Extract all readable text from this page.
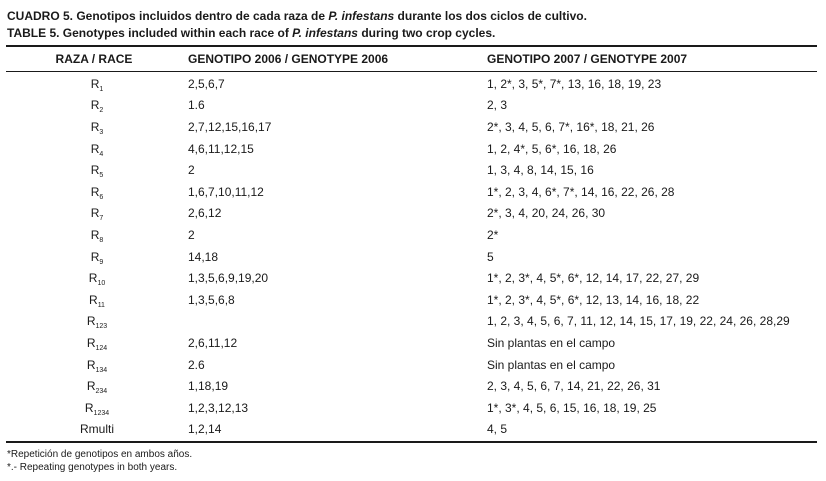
CUADRO 5. Genotipos incluidos dentro de cada raza de P. infestans durante los dos ciclos de cultivo.
TABLE 5. Genotypes included within each race of P. infestans during two crop cycles.
RAZA / RACE	GENOTIPO 2006 / GENOTYPE 2006	GENOTIPO 2007 / GENOTYPE 2007
$R_1$	2,5,6,7	1, 2*, 3, 5*, 7*, 13, 16, 18, 19, 23
$R_2$	1.6	2, 3
$R_3$	2,7,12,15,16,17	2*, 3, 4, 5, 6, 7*, 16*, 18, 21, 26
$R_4$	4,6,11,12,15	1, 2, 4*, 5, 6*, 16, 18, 26
$R_5$	2	1, 3, 4, 8, 14, 15, 16
$R_6$	1,6,7,10,11,12	1*, 2, 3, 4, 6*, 7*, 14, 16, 22, 26, 28
$R_7$	2,6,12	2*, 3, 4, 20, 24, 26, 30
$R_8$	2	2*
$R_9$	14,18	5
$R_{10}$	1,3,5,6,9,19,20	1*, 2, 3*, 4, 5*, 6*, 12, 14, 17, 22, 27, 29
$R_{11}$	1,3,5,6,8	1*, 2, 3*, 4, 5*, 6*, 12, 13, 14, 16, 18, 22
$R_{123}$		1, 2, 3, 4, 5, 6, 7, 11, 12, 14, 15, 17, 19, 22, 24, 26, 28,29
$R_{124}$	2,6,11,12	Sin plantas en el campo
$R_{134}$	2.6	Sin plantas en el campo
$R_{234}$	1,18,19	2, 3, 4, 5, 6, 7, 14, 21, 22, 26, 31
$R_{1234}$	1,2,3,12,13	1*, 3*, 4, 5, 6, 15, 16, 18, 19, 25
Rmulti	1,2,14	4, 5
*Repetición de genotipos en ambos años.
*.- Repeating genotypes in both years.
